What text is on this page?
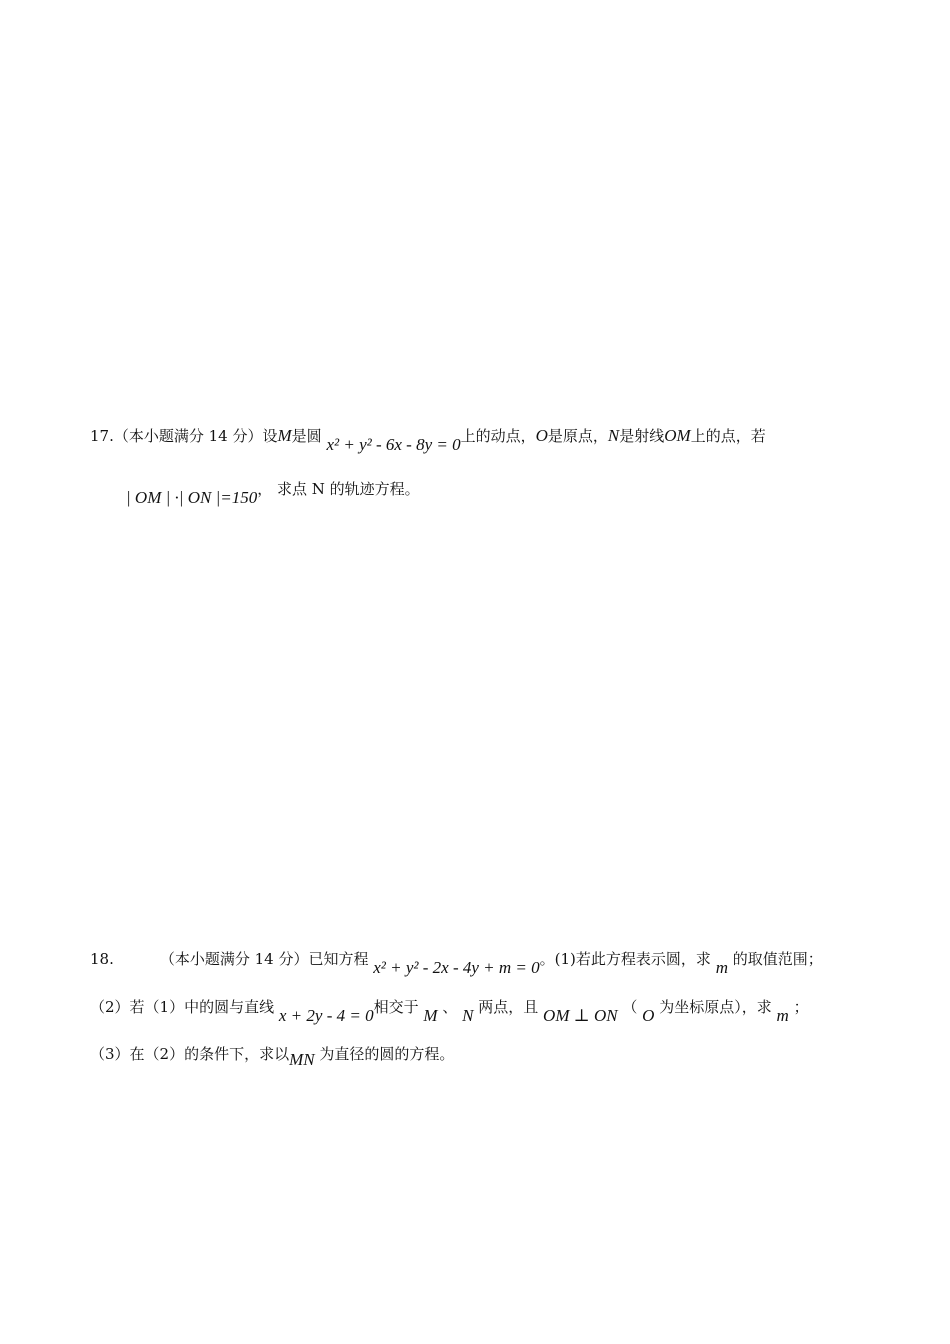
17.（本小题满分 14 分）设M是圆 x² + y² - 6x - 8y = 0上的动点，O是原点，N是射线OM上的点，若
| OM | ·| ON |=150， 求点 N 的轨迹方程。
18.	（本小题满分 14 分）已知方程 x² + y² - 2x - 4y + m = 0。(1)若此方程表示圆，求 m 的取值范围；
（2）若（1）中的圆与直线 x + 2y - 4 = 0相交于 M 、 N 两点，且 OM ⊥ ON （ O 为坐标原点），求 m ；
（3）在（2）的条件下，求以MN 为直径的圆的方程。
